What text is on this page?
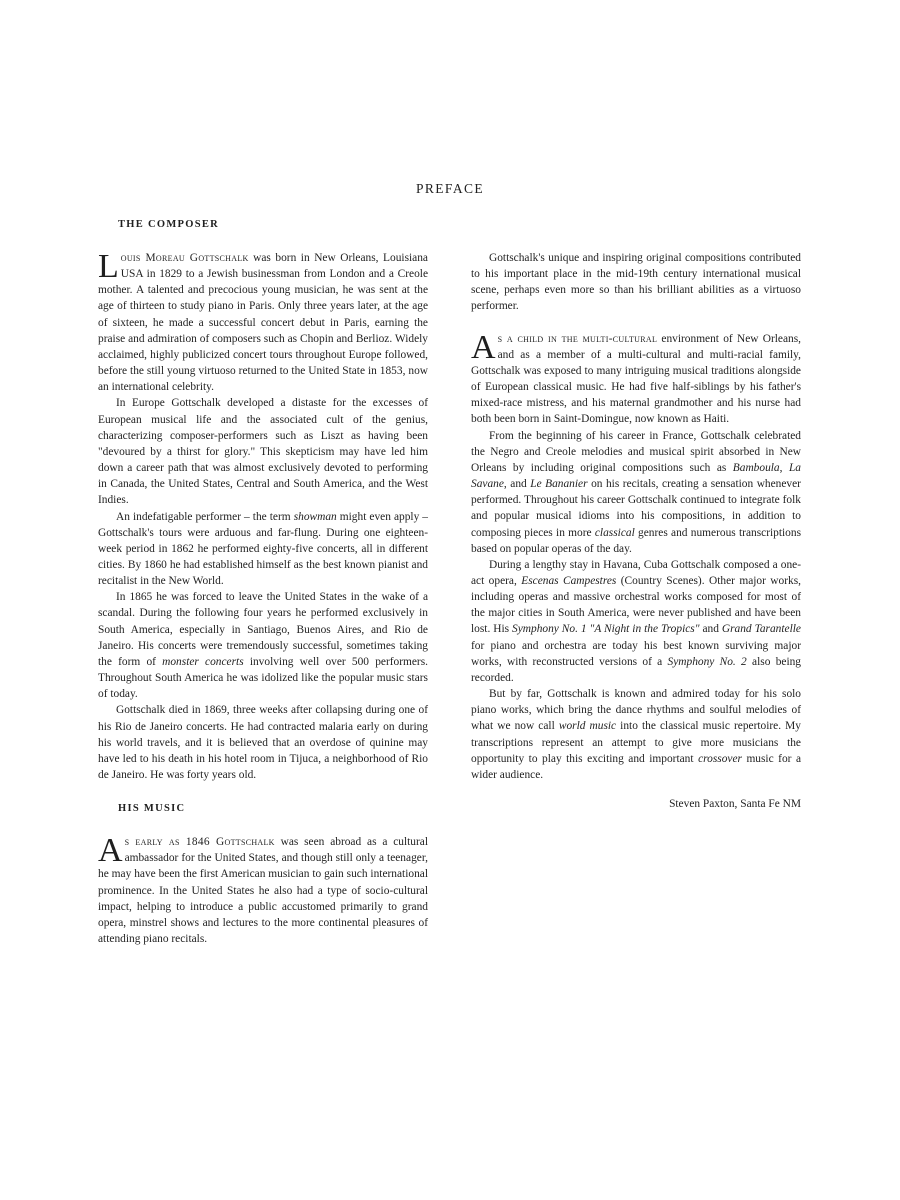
PREFACE
THE COMPOSER

Louis Moreau Gottschalk was born in New Orleans, Louisiana USA in 1829 to a Jewish businessman from London and a Creole mother. A talented and precocious young musician, he was sent at the age of thirteen to study piano in Paris. Only three years later, at the age of sixteen, he made a successful concert debut in Paris, earning the praise and admiration of composers such as Chopin and Berlioz. Widely acclaimed, highly publicized concert tours throughout Europe followed, before the still young virtuoso returned to the United State in 1853, now an international celebrity.

In Europe Gottschalk developed a distaste for the excesses of European musical life and the associated cult of the genius, characterizing composer-performers such as Liszt as having been "devoured by a thirst for glory." This skepticism may have led him down a career path that was almost exclusively devoted to performing in Canada, the United States, Central and South America, and the West Indies.

An indefatigable performer – the term showman might even apply – Gottschalk's tours were arduous and far-flung. During one eighteen-week period in 1862 he performed eighty-five concerts, all in different cities. By 1860 he had established himself as the best known pianist and recitalist in the New World.

In 1865 he was forced to leave the United States in the wake of a scandal. During the following four years he performed exclusively in South America, especially in Santiago, Buenos Aires, and Rio de Janeiro. His concerts were tremendously successful, sometimes taking the form of monster concerts involving well over 500 performers. Throughout South America he was idolized like the popular music stars of today.

Gottschalk died in 1869, three weeks after collapsing during one of his Rio de Janeiro concerts. He had contracted malaria early on during his world travels, and it is believed that an overdose of quinine may have led to his death in his hotel room in Tijuca, a neighborhood of Rio de Janeiro. He was forty years old.

HIS MUSIC

As early as 1846 Gottschalk was seen abroad as a cultural ambassador for the United States, and though still only a teenager, he may have been the first American musician to gain such international prominence. In the United States he also had a type of socio-cultural impact, helping to introduce a public accustomed primarily to grand opera, minstrel shows and lectures to the more continental pleasures of attending piano recitals.

Gottschalk's unique and inspiring original compositions contributed to his important place in the mid-19th century international musical scene, perhaps even more so than his brilliant abilities as a virtuoso performer.

As a child in the multi-cultural environment of New Orleans, and as a member of a multi-cultural and multi-racial family, Gottschalk was exposed to many intriguing musical traditions alongside of European classical music. He had five half-siblings by his father's mixed-race mistress, and his maternal grandmother and his nurse had both been born in Saint-Domingue, now known as Haiti.

From the beginning of his career in France, Gottschalk celebrated the Negro and Creole melodies and musical spirit absorbed in New Orleans by including original compositions such as Bamboula, La Savane, and Le Bananier on his recitals, creating a sensation whenever performed. Throughout his career Gottschalk continued to integrate folk and popular musical idioms into his compositions, in addition to composing pieces in more classical genres and numerous transcriptions based on popular operas of the day.

During a lengthy stay in Havana, Cuba Gottschalk composed a one-act opera, Escenas Campestres (Country Scenes). Other major works, including operas and massive orchestral works composed for most of the major cities in South America, were never published and have been lost. His Symphony No. 1 "A Night in the Tropics" and Grand Tarantelle for piano and orchestra are today his best known surviving major works, with reconstructed versions of a Symphony No. 2 also being recorded.

But by far, Gottschalk is known and admired today for his solo piano works, which bring the dance rhythms and soulful melodies of what we now call world music into the classical music repertoire. My transcriptions represent an attempt to give more musicians the opportunity to play this exciting and important crossover music for a wider audience.

Steven Paxton, Santa Fe NM
